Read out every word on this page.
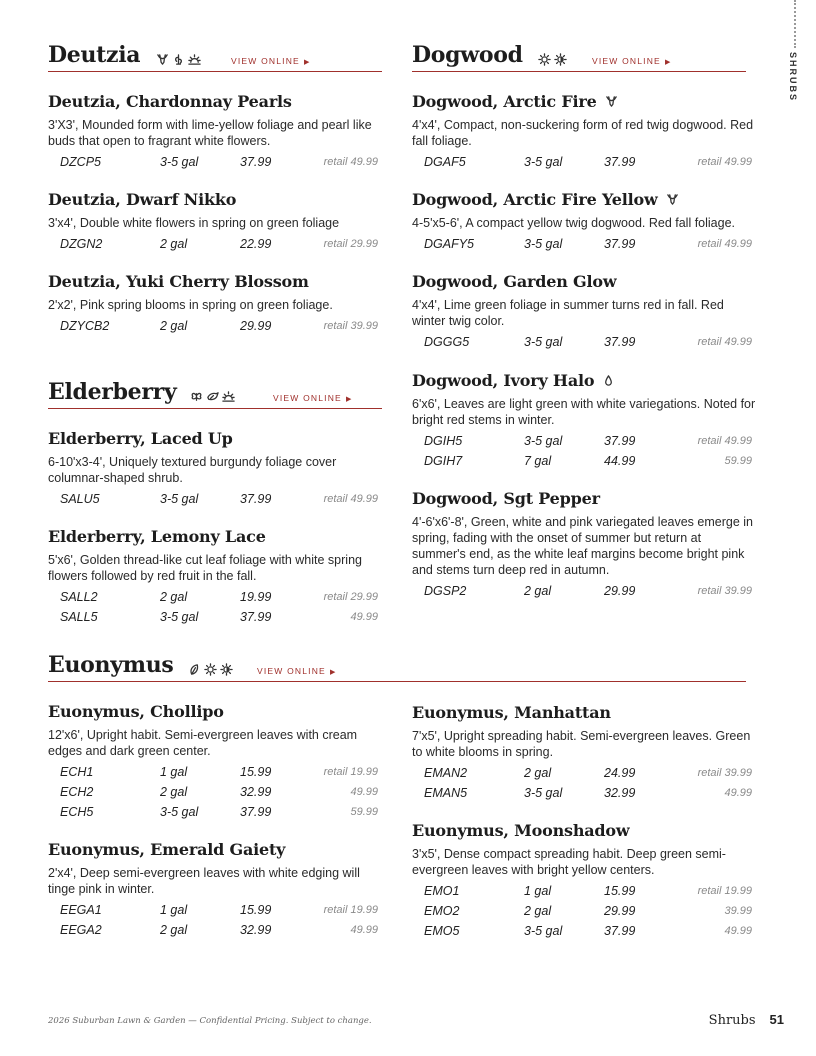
SHRUBS
Deutzia	VIEW ONLINE ▶
Deutzia, Chardonnay Pearls
3'X3', Mounded form with lime-yellow foliage and pearl like buds that open to fragrant white flowers.
DZCP5	3-5 gal	37.99	retail 49.99
Deutzia, Dwarf Nikko
3'x4', Double white flowers in spring on green foliage
DZGN2	2 gal	22.99	retail 29.99
Deutzia, Yuki Cherry Blossom
2'x2', Pink spring blooms in spring on green foliage.
DZYCB2	2 gal	29.99	retail 39.99
Elderberry	VIEW ONLINE ▶
Elderberry, Laced Up
6-10'x3-4', Uniquely textured burgundy foliage cover columnar-shaped shrub.
SALU5	3-5 gal	37.99	retail 49.99
Elderberry, Lemony Lace
5'x6', Golden thread-like cut leaf foliage with white spring flowers followed by red fruit in the fall.
SALL2	2 gal	19.99	retail 29.99
SALL5	3-5 gal	37.99	49.99
Dogwood	VIEW ONLINE ▶
Dogwood, Arctic Fire
4'x4', Compact, non-suckering form of red twig dogwood. Red fall foliage.
DGAF5	3-5 gal	37.99	retail 49.99
Dogwood, Arctic Fire Yellow
4-5'x5-6', A compact yellow twig dogwood. Red fall foliage.
DGAFY5	3-5 gal	37.99	retail 49.99
Dogwood, Garden Glow
4'x4', Lime green foliage in summer turns red in fall. Red winter twig color.
DGGG5	3-5 gal	37.99	retail 49.99
Dogwood, Ivory Halo
6'x6', Leaves are light green with white variegations. Noted for bright red stems in winter.
DGIH5	3-5 gal	37.99	retail 49.99
DGIH7	7 gal	44.99	59.99
Dogwood, Sgt Pepper
4'-6'x6'-8', Green, white and pink variegated leaves emerge in spring, fading with the onset of summer but return at summer's end, as the white leaf margins become bright pink and stems turn deep red in autumn.
DGSP2	2 gal	29.99	retail 39.99
Euonymus	VIEW ONLINE ▶
Euonymus, Chollipo
12'x6', Upright habit. Semi-evergreen leaves with cream edges and dark green center.
ECH1	1 gal	15.99	retail 19.99
ECH2	2 gal	32.99	49.99
ECH5	3-5 gal	37.99	59.99
Euonymus, Emerald Gaiety
2'x4', Deep semi-evergreen leaves with white edging will tinge pink in winter.
EEGA1	1 gal	15.99	retail 19.99
EEGA2	2 gal	32.99	49.99
Euonymus, Manhattan
7'x5', Upright spreading habit. Semi-evergreen leaves. Green to white blooms in spring.
EMAN2	2 gal	24.99	retail 39.99
EMAN5	3-5 gal	32.99	49.99
Euonymus, Moonshadow
3'x5', Dense compact spreading habit. Deep green semi-evergreen leaves with bright yellow centers.
EMO1	1 gal	15.99	retail 19.99
EMO2	2 gal	29.99	39.99
EMO5	3-5 gal	37.99	49.99
2026 Suburban Lawn & Garden — Confidential Pricing. Subject to change.	Shrubs 51
